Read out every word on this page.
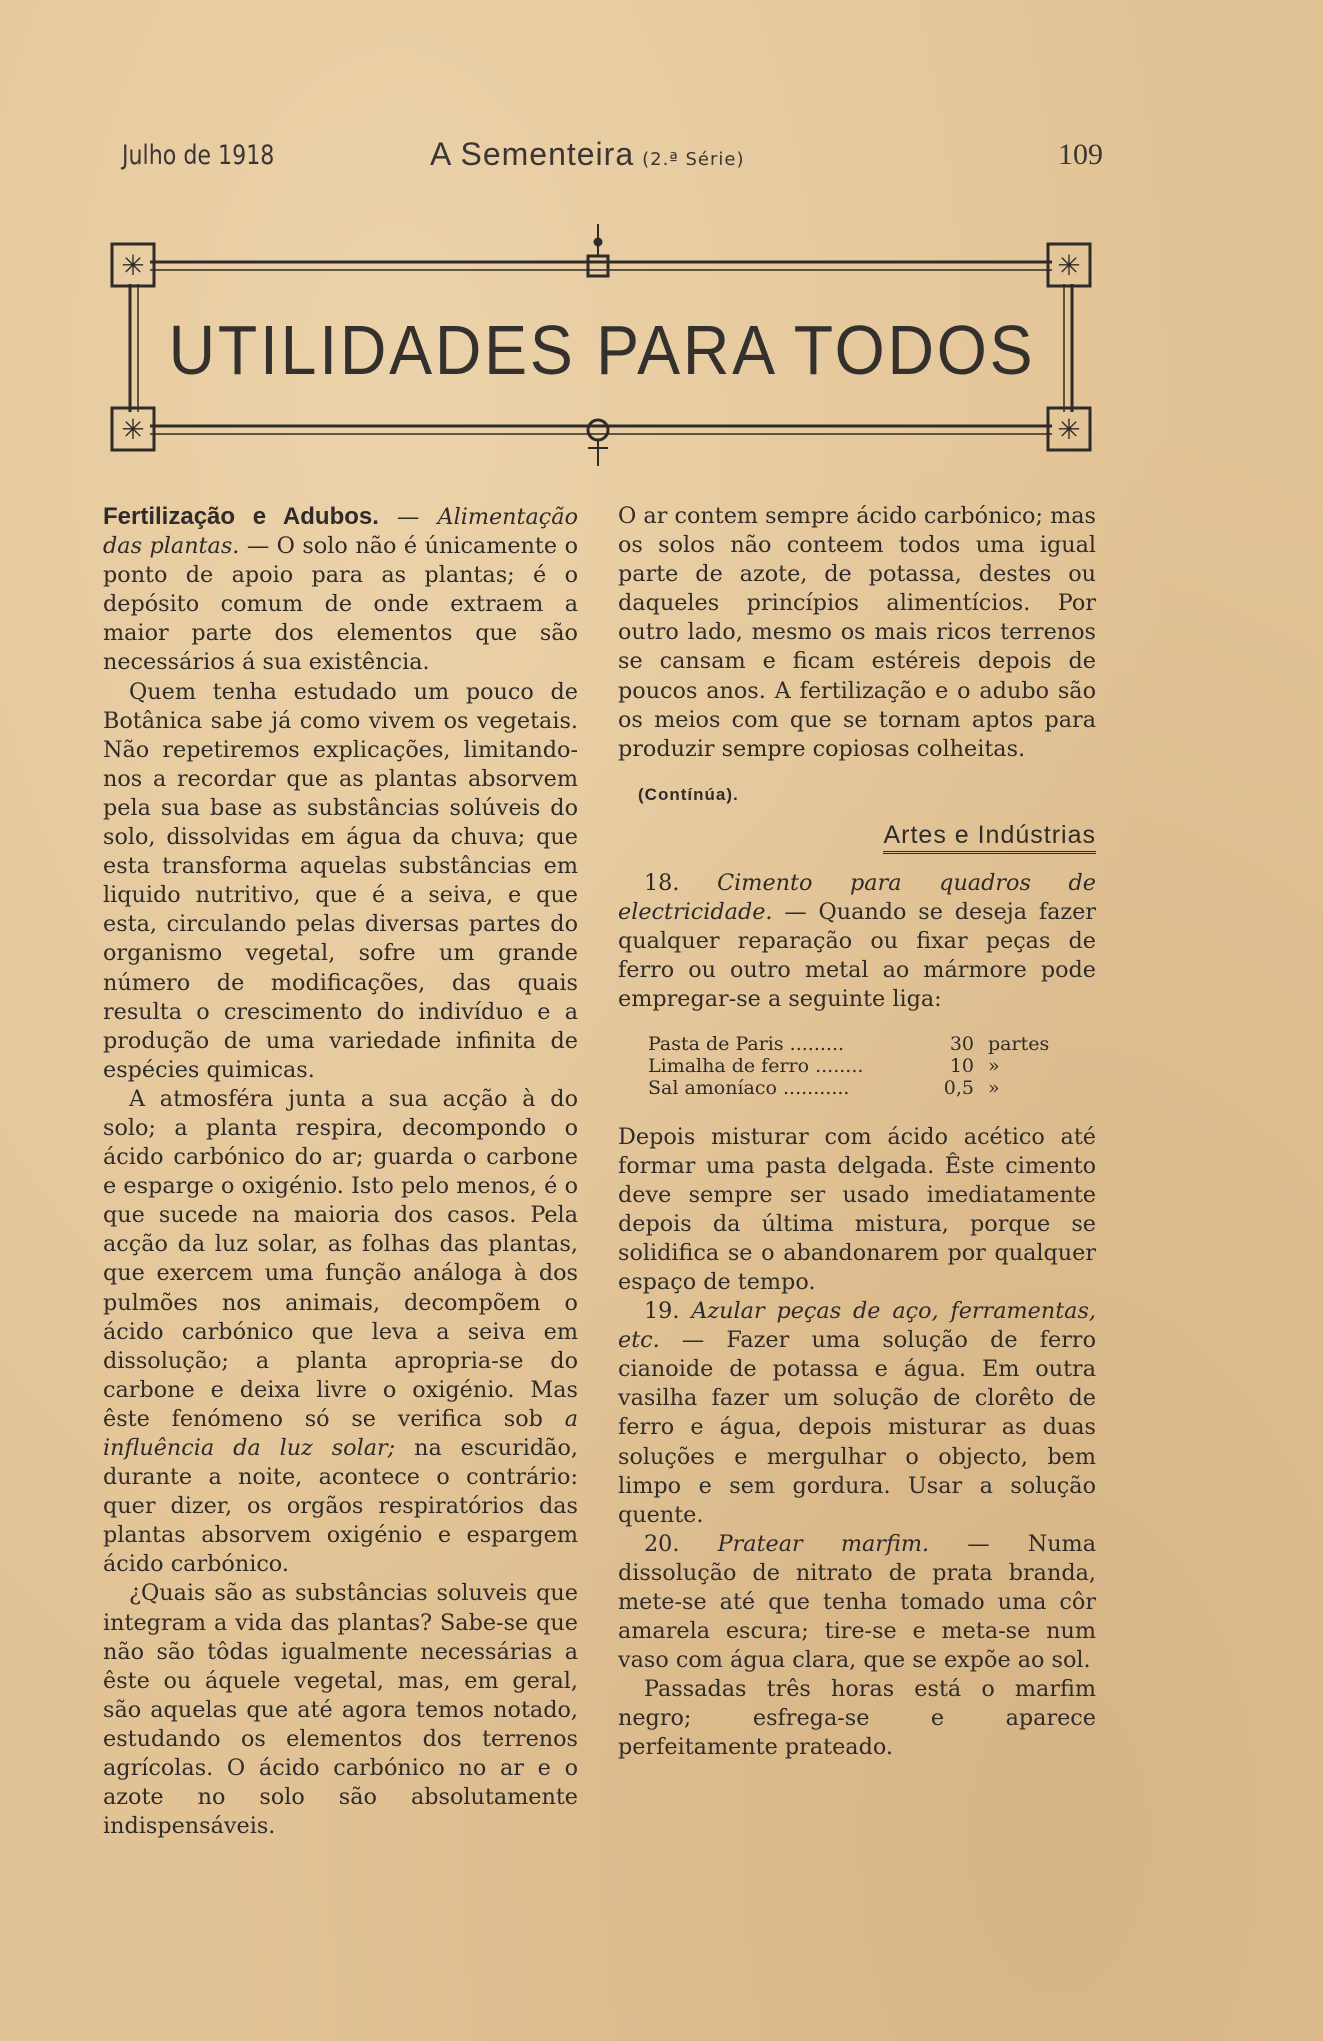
Julho de 1918	A Sementeira (2.ª Série)	109
✳	✳
✳	✳
UTILIDADES PARA TODOS

Fertilização e Adubos. — Alimentação das plantas. — O solo não é únicamente o ponto de apoio para as plantas; é o depósito comum de onde extraem a maior parte dos elementos que são necessários á sua existência.

Quem tenha estudado um pouco de Botânica sabe já como vivem os vegetais. Não repetiremos explicações, limitando-nos a recordar que as plantas absorvem pela sua base as substâncias solúveis do solo, dissolvidas em água da chuva; que esta transforma aquelas substâncias em liquido nutritivo, que é a seiva, e que esta, circulando pelas diversas partes do organismo vegetal, sofre um grande número de modificações, das quais resulta o crescimento do indivíduo e a produção de uma variedade infinita de espécies quimicas.

A atmosféra junta a sua acção à do solo; a planta respira, decompondo o ácido carbónico do ar; guarda o carbone e esparge o oxigénio. Isto pelo menos, é o que sucede na maioria dos casos. Pela acção da luz solar, as folhas das plantas, que exercem uma função análoga à dos pulmões nos animais, decompõem o ácido carbónico que leva a seiva em dissolução; a planta apropria-se do carbone e deixa livre o oxigénio. Mas êste fenómeno só se verifica sob a influência da luz solar; na escuridão, durante a noite, acontece o contrário: quer dizer, os orgãos respiratórios das plantas absorvem oxigénio e espargem ácido carbónico.

¿Quais são as substâncias soluveis que integram a vida das plantas? Sabe-se que não são tôdas igualmente necessárias a êste ou áquele vegetal, mas, em geral, são aquelas que até agora temos notado, estudando os elementos dos terrenos agrícolas. O ácido carbónico no ar e o azote no solo são absolutamente indispensáveis.

O ar contem sempre ácido carbónico; mas os solos não conteem todos uma igual parte de azote, de potassa, destes ou daqueles princípios alimentícios. Por outro lado, mesmo os mais ricos terrenos se cansam e ficam estéreis depois de poucos anos. A fertilização e o adubo são os meios com que se tornam aptos para produzir sempre copiosas colheitas.

(Contínúa).
Artes e Indústrias

18. Cimento para quadros de electricidade. — Quando se deseja fazer qualquer reparação ou fixar peças de ferro ou outro metal ao mármore pode empregar-se a seguinte liga:

Pasta de Paris .........	30 partes
Limalha de ferro ........	10 »
Sal amoníaco ...........	0,5 »

Depois misturar com ácido acético até formar uma pasta delgada. Êste cimento deve sempre ser usado imediatamente depois da última mistura, porque se solidifica se o abandonarem por qualquer espaço de tempo.

19. Azular peças de aço, ferramentas, etc. — Fazer uma solução de ferro cianoide de potassa e água. Em outra vasilha fazer um solução de clorêto de ferro e água, depois misturar as duas soluções e mergulhar o objecto, bem limpo e sem gordura. Usar a solução quente.

20. Pratear marfim. — Numa dissolução de nitrato de prata branda, mete-se até que tenha tomado uma côr amarela escura; tire-se e meta-se num vaso com água clara, que se expõe ao sol.

Passadas três horas está o marfim negro; esfrega-se e aparece perfeitamente prateado.
